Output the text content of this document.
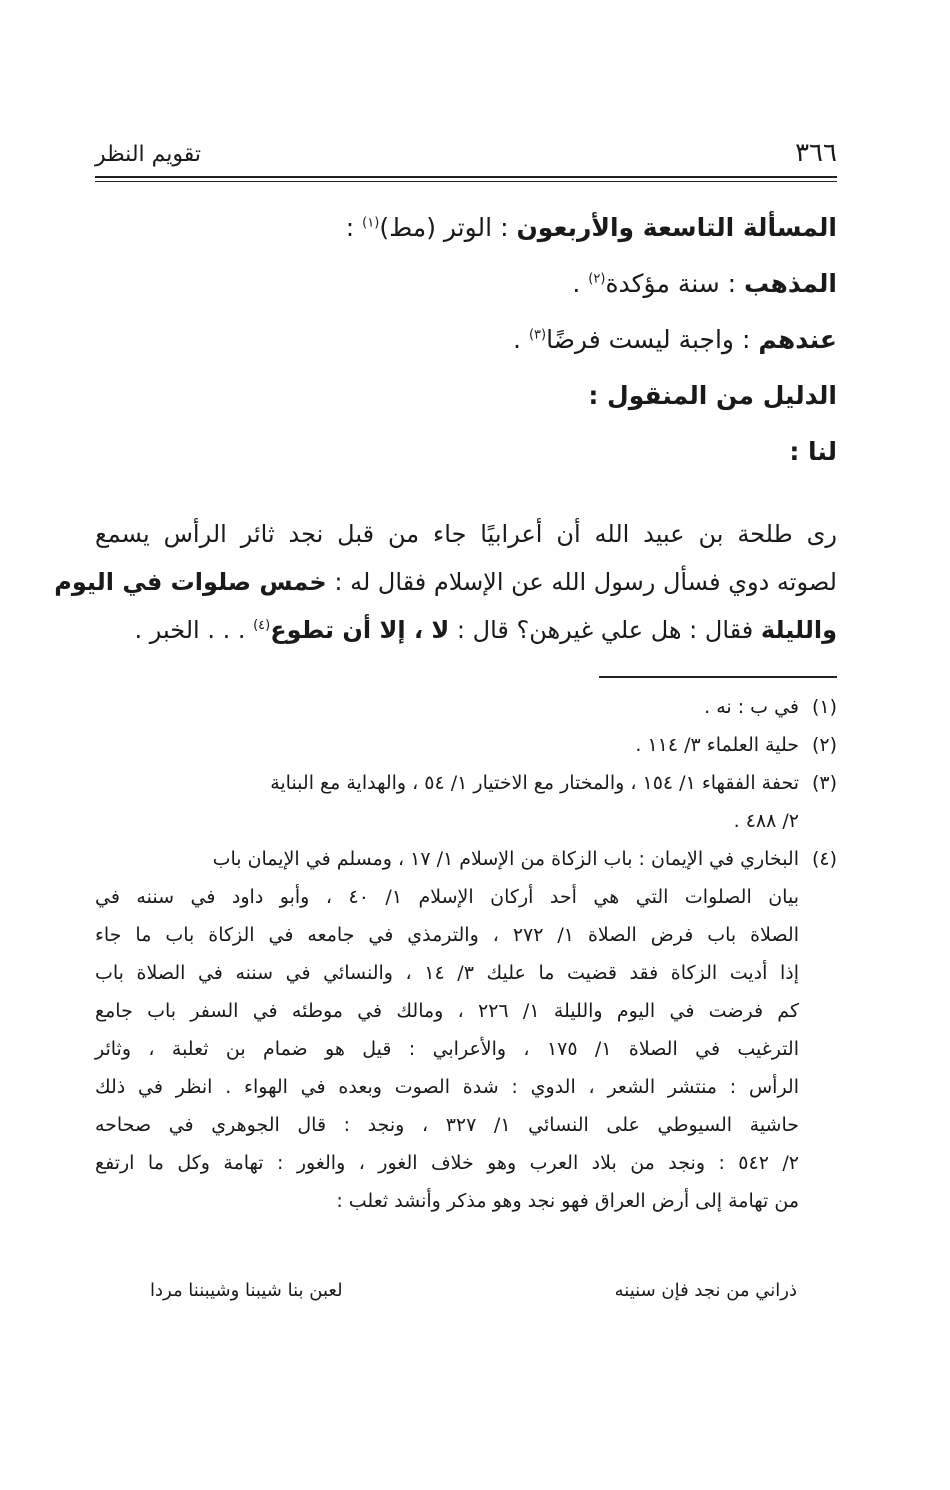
٣٦٦
تقويم النظر
المسألة التاسعة والأربعون : الوتر (مط)$^{(١)}$ :
المذهب : سنة مؤكدة$^{(٢)}$ .
عندهم : واجبة ليست فرضًا$^{(٣)}$ .
الدليل من المنقول :
لنا :
رى طلحة بن عبيد الله أن أعرابيًا جاء من قبل نجد ثائر الرأس يسمع
لصوته دوي فسأل رسول الله عن الإسلام فقال له : خمس صلوات في اليوم
والليلة فقال : هل علي غيرهن؟ قال : لا ، إلا أن تطوع$^{(٤)}$ . . . الخبر .
(١)في ب : نه .
(٢)حلية العلماء ٣/ ١١٤ .
(٣)تحفة الفقهاء ١/ ١٥٤ ، والمختار مع الاختيار ١/ ٥٤ ، والهداية مع البناية
٢/ ٤٨٨ .
(٤)البخاري في الإيمان : باب الزكاة من الإسلام ١/ ١٧ ، ومسلم في الإيمان باب
بيان الصلوات التي هي أحد أركان الإسلام ١/ ٤٠ ، وأبو داود في سننه في
الصلاة باب فرض الصلاة ١/ ٢٧٢ ، والترمذي في جامعه في الزكاة باب ما جاء
إذا أديت الزكاة فقد قضيت ما عليك ٣/ ١٤ ، والنسائي في سننه في الصلاة باب
كم فرضت في اليوم والليلة ١/ ٢٢٦ ، ومالك في موطئه في السفر باب جامع
الترغيب في الصلاة ١/ ١٧٥ ، والأعرابي : قيل هو ضمام بن ثعلبة ، وثائر
الرأس : منتشر الشعر ، الدوي : شدة الصوت وبعده في الهواء . انظر في ذلك
حاشية السيوطي على النسائي ١/ ٣٢٧ ، ونجد : قال الجوهري في صحاحه
٢/ ٥٤٢ : ونجد من بلاد العرب وهو خلاف الغور ، والغور : تهامة وكل ما ارتفع
من تهامة إلى أرض العراق فهو نجد وهو مذكر وأنشد ثعلب :
ذراني من نجد فإن سنينه
لعبن بنا شيبنا وشيبننا مردا
